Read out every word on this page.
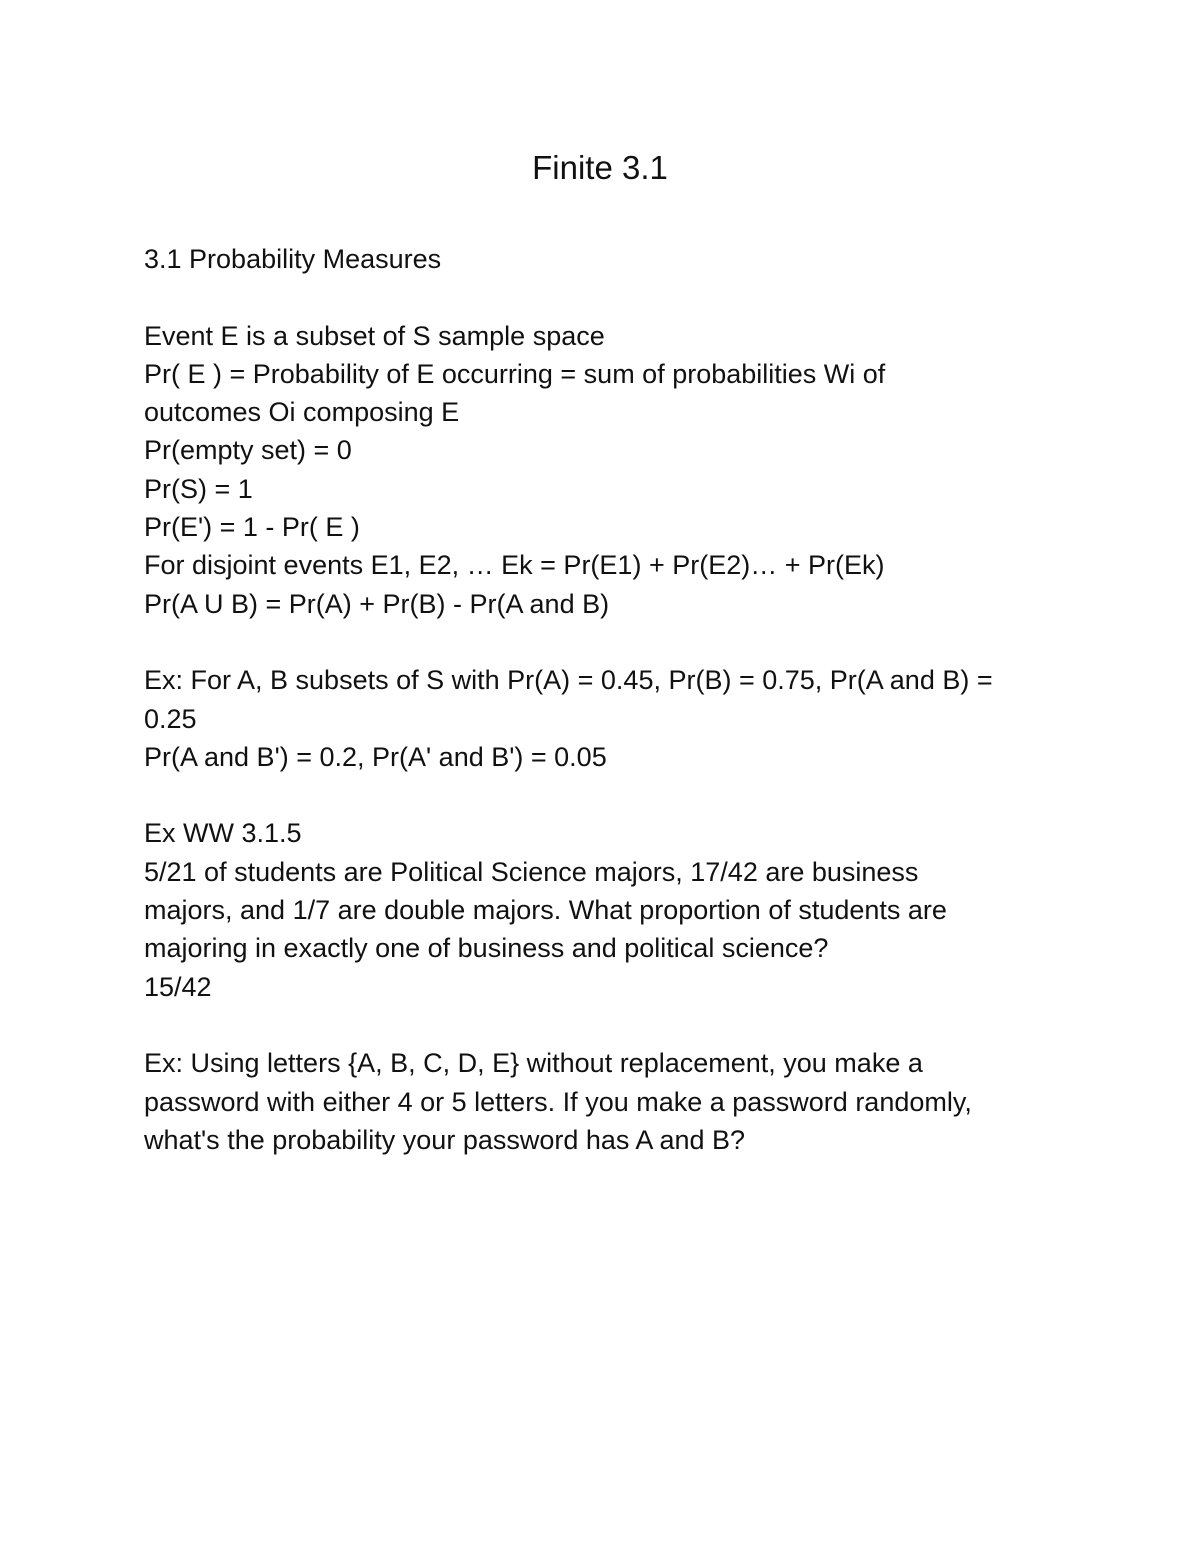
Finite 3.1
3.1 Probability Measures
Event E is a subset of S sample space
Pr( E ) = Probability of E occurring = sum of probabilities Wi of
outcomes Oi composing E
Pr(empty set) = 0
Pr(S) = 1
Pr(E') = 1 - Pr( E )
For disjoint events E1, E2, … Ek = Pr(E1) + Pr(E2)… + Pr(Ek)
Pr(A U B) = Pr(A) + Pr(B) - Pr(A and B)
Ex: For A, B subsets of S with Pr(A) = 0.45, Pr(B) = 0.75, Pr(A and B) =
0.25
Pr(A and B') = 0.2, Pr(A' and B') = 0.05
Ex WW 3.1.5
5/21 of students are Political Science majors, 17/42 are business
majors, and 1/7 are double majors. What proportion of students are
majoring in exactly one of business and political science?
15/42
Ex: Using letters {A, B, C, D, E} without replacement, you make a
password with either 4 or 5 letters. If you make a password randomly,
what's the probability your password has A and B?
